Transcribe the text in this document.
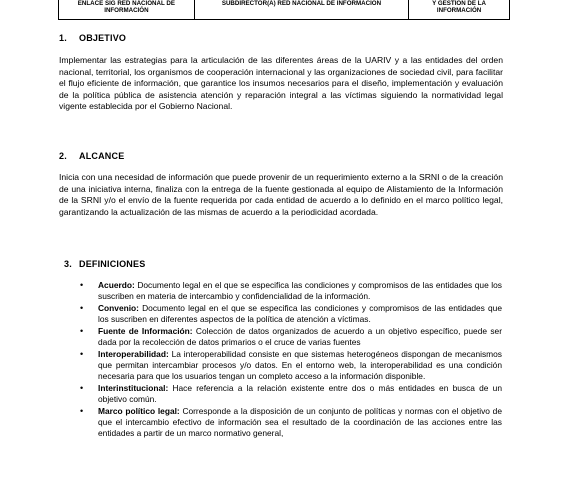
ENLACE SIG RED NACIONAL DE INFORMACIÓN	SUBDIRECTOR(A) RED NACIONAL DE INFORMACIÓN	Y GESTIÓN DE LA INFORMACIÓN
1. OBJETIVO

Implementar las estrategias para la articulación de las diferentes áreas de la UARIV y a las entidades del orden nacional, territorial, los organismos de cooperación internacional y las organizaciones de sociedad civil, para facilitar el flujo eficiente de información, que garantice los insumos necesarios para el diseño, implementación y evaluación de la política pública de asistencia atención y reparación integral a las víctimas siguiendo la normatividad legal vigente establecida por el Gobierno Nacional.

2. ALCANCE

Inicia con una necesidad de información que puede provenir de un requerimiento externo a la SRNI o de la creación de una iniciativa interna, finaliza con la entrega de la fuente gestionada al equipo de Alistamiento de la Información de la SRNI y/o el envío de la fuente requerida por cada entidad de acuerdo a lo definido en el marco político legal, garantizando la actualización de las mismas de acuerdo a la periodicidad acordada.

3. DEFINICIONES
• Acuerdo: Documento legal en el que se especifica las condiciones y compromisos de las entidades que los suscriben en materia de intercambio y confidencialidad de la información.
• Convenio: Documento legal en el que se especifica las condiciones y compromisos de las entidades que los suscriben en diferentes aspectos de la política de atención a víctimas.
• Fuente de Información: Colección de datos organizados de acuerdo a un objetivo específico, puede ser dada por la recolección de datos primarios o el cruce de varias fuentes
• Interoperabilidad: La interoperabilidad consiste en que sistemas heterogéneos dispongan de mecanismos que permitan intercambiar procesos y/o datos. En el entorno web, la interoperabilidad es una condición necesaria para que los usuarios tengan un completo acceso a la información disponible.
• Interinstitucional: Hace referencia a la relación existente entre dos o más entidades en busca de un objetivo común.
• Marco político legal: Corresponde a la disposición de un conjunto de políticas y normas con el objetivo de que el intercambio efectivo de información sea el resultado de la coordinación de las acciones entre las entidades a partir de un marco normativo general,
